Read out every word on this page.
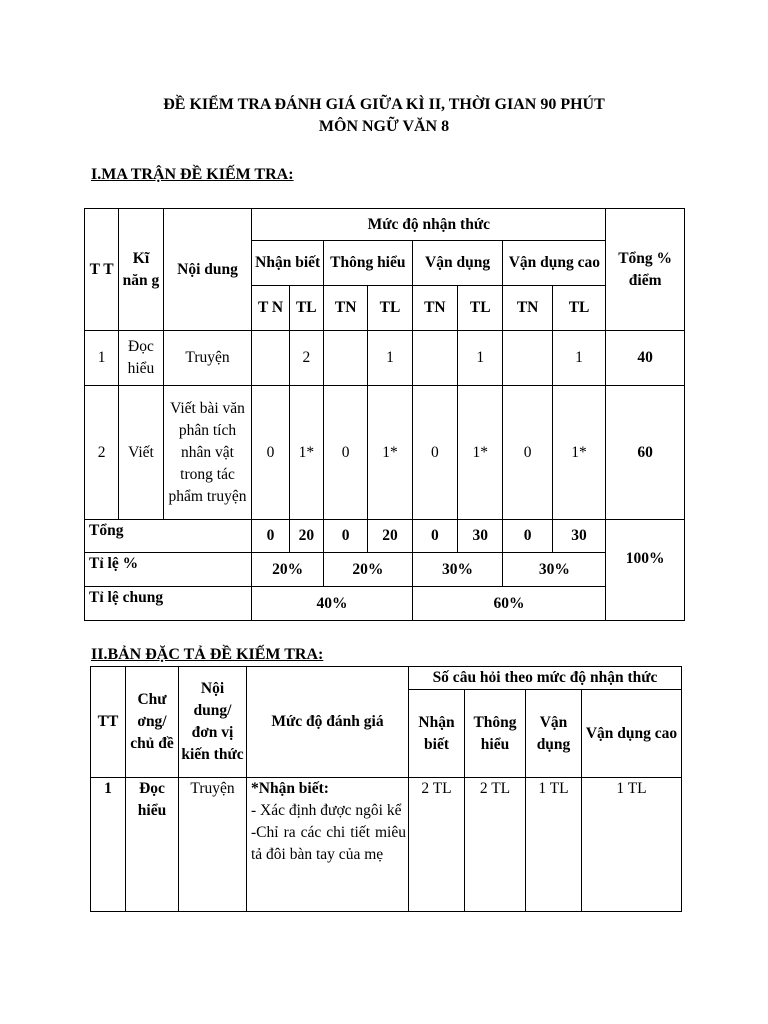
ĐỀ KIỂM TRA ĐÁNH GIÁ GIỮA KÌ II, THỜI GIAN 90 PHÚT
MÔN NGỮ VĂN 8
I.MA TRẬN ĐỀ KIẾM TRA:
T T	Kĩ năn g	Nội dung	Mức độ nhận thức								Tổng % điểm
			Nhận biết		Thông hiểu		Vận dụng		Vận dụng cao		
			T N	TL	TN	TL	TN	TL	TN	TL	
1	Đọc hiểu	Truyện		2		1		1		1	40
2	Viết	Viết bài văn phân tích nhân vật trong tác phẩm truyện	0	1*	0	1*	0	1*	0	1*	60
Tổng			0	20	0	20	0	30	0	30	100%
Tỉ lệ %			20%		20%		30%		30%		
Tỉ lệ chung			40%				60%				
II.BẢN ĐẶC TẢ ĐỀ KIẾM TRA:
TT	Chư ơng/ chủ đề	Nội dung/ đơn vị kiến thức	Mức độ đánh giá	Số câu hỏi theo mức độ nhận thức			
				Nhận biết	Thông hiểu	Vận dụng	Vận dụng cao
1	Đọc hiểu	Truyện	*Nhận biết:
- Xác định được ngôi kể
-Chỉ ra các chi tiết miêu tả đôi bàn tay của mẹ	2 TL	2 TL	1 TL	1 TL
